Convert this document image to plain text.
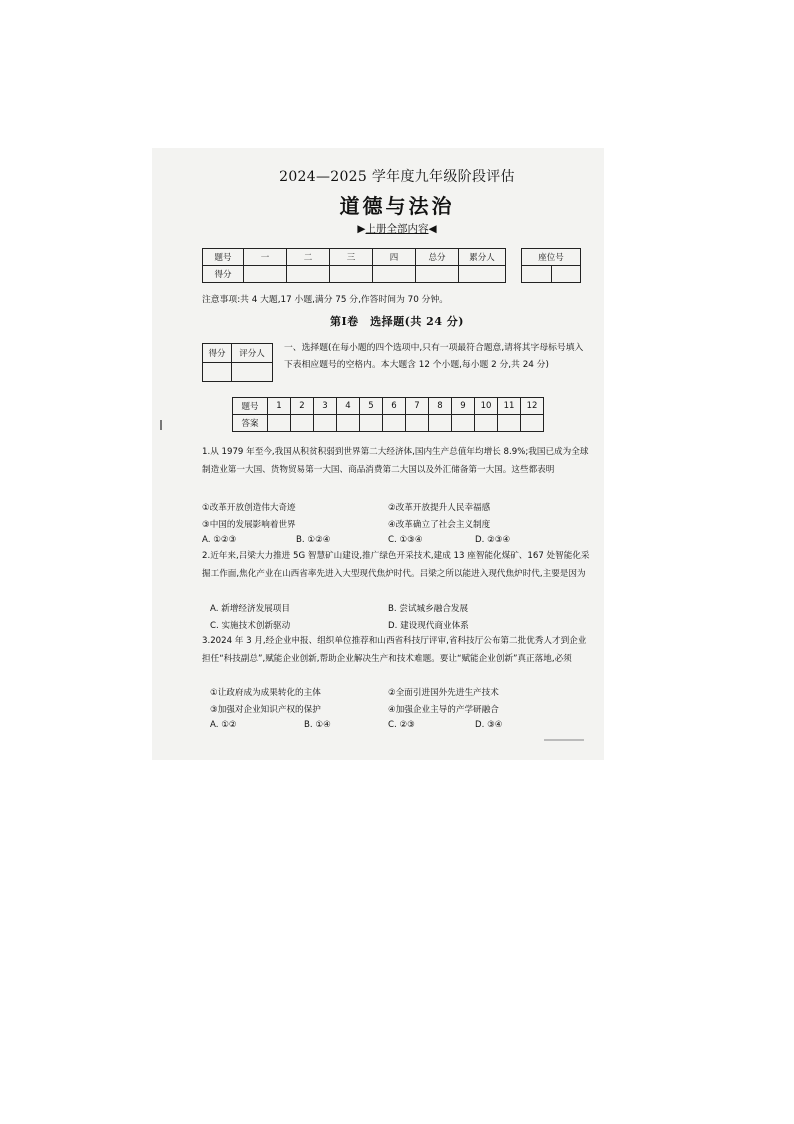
2024—2025 学年度九年级阶段评估
道德与法治
▶上册全部内容◀
题号	一	二	三	四	总分	累分人
得分						
座位号

注意事项:共 4 大题,17 小题,满分 75 分,作答时间为 70 分钟。
第Ⅰ卷　选择题(共 24 分)
得分	评分人

一、选择题(在每小题的四个选项中,只有一项最符合题意,请将其字母标号填入下表相应题号的空格内。本大题含 12 个小题,每小题 2 分,共 24 分)
题号	1	2	3	4	5	6	7	8	9	10	11	12
答案												
1.从 1979 年至今,我国从积贫积弱到世界第二大经济体,国内生产总值年均增长 8.9%;我国已成为全球制造业第一大国、货物贸易第一大国、商品消费第二大国以及外汇储备第一大国。这些都表明
①改革开放创造伟大奇迹	②改革开放提升人民幸福感
③中国的发展影响着世界	④改革确立了社会主义制度
A. ①②③	B. ①②④	C. ①③④	D. ②③④
2.近年来,吕梁大力推进 5G 智慧矿山建设,推广绿色开采技术,建成 13 座智能化煤矿、167 处智能化采掘工作面,焦化产业在山西省率先进入大型现代焦炉时代。吕梁之所以能进入现代焦炉时代,主要是因为
A. 新增经济发展项目	B. 尝试城乡融合发展
C. 实施技术创新驱动	D. 建设现代商业体系
3.2024 年 3 月,经企业申报、组织单位推荐和山西省科技厅评审,省科技厅公布第二批优秀人才到企业担任“科技副总”,赋能企业创新,帮助企业解决生产和技术难题。要让“赋能企业创新”真正落地,必须
①让政府成为成果转化的主体	②全面引进国外先进生产技术
③加强对企业知识产权的保护	④加强企业主导的产学研融合
A. ①②	B. ①④	C. ②③	D. ③④
